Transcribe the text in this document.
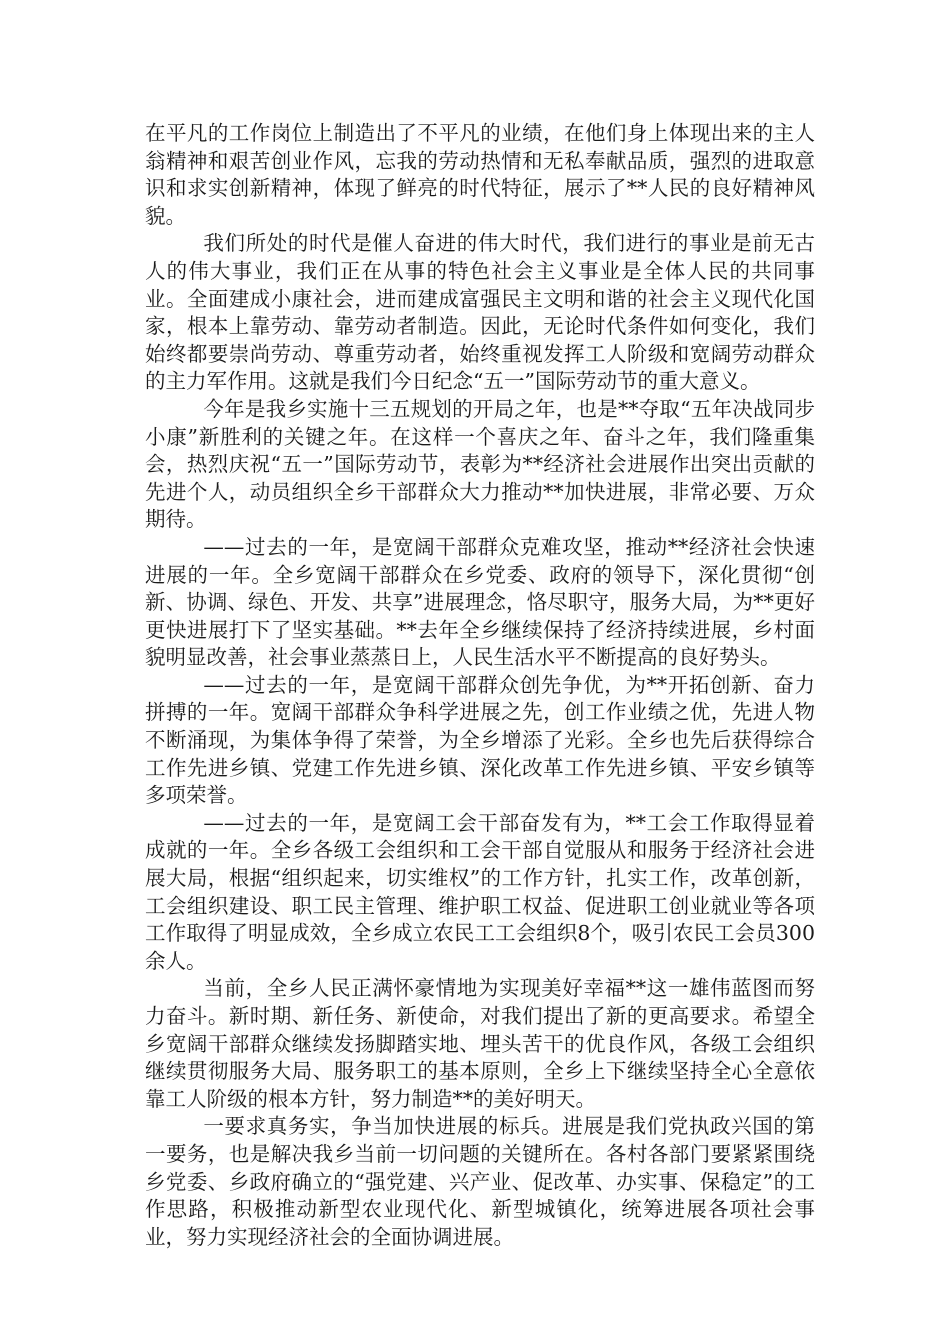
在平凡的工作岗位上制造出了不平凡的业绩，在他们身上体现出来的主人翁精神和艰苦创业作风，忘我的劳动热情和无私奉献品质，强烈的进取意识和求实创新精神，体现了鲜亮的时代特征，展示了**人民的良好精神风貌。

我们所处的时代是催人奋进的伟大时代，我们进行的事业是前无古人的伟大事业，我们正在从事的特色社会主义事业是全体人民的共同事业。全面建成小康社会，进而建成富强民主文明和谐的社会主义现代化国家，根本上靠劳动、靠劳动者制造。因此，无论时代条件如何变化，我们始终都要崇尚劳动、尊重劳动者，始终重视发挥工人阶级和宽阔劳动群众的主力军作用。这就是我们今日纪念“五一”国际劳动节的重大意义。

今年是我乡实施十三五规划的开局之年，也是**夺取“五年决战同步小康”新胜利的关键之年。在这样一个喜庆之年、奋斗之年，我们隆重集会，热烈庆祝“五一”国际劳动节，表彰为**经济社会进展作出突出贡献的先进个人，动员组织全乡干部群众大力推动**加快进展，非常必要、万众期待。

——过去的一年，是宽阔干部群众克难攻坚，推动**经济社会快速进展的一年。全乡宽阔干部群众在乡党委、政府的领导下，深化贯彻“创新、协调、绿色、开发、共享”进展理念，恪尽职守，服务大局，为**更好更快进展打下了坚实基础。**去年全乡继续保持了经济持续进展，乡村面貌明显改善，社会事业蒸蒸日上，人民生活水平不断提高的良好势头。

——过去的一年，是宽阔干部群众创先争优，为**开拓创新、奋力拼搏的一年。宽阔干部群众争科学进展之先，创工作业绩之优，先进人物不断涌现，为集体争得了荣誉，为全乡增添了光彩。全乡也先后获得综合工作先进乡镇、党建工作先进乡镇、深化改革工作先进乡镇、平安乡镇等多项荣誉。

——过去的一年，是宽阔工会干部奋发有为，**工会工作取得显着成就的一年。全乡各级工会组织和工会干部自觉服从和服务于经济社会进展大局，根据“组织起来，切实维权”的工作方针，扎实工作，改革创新，工会组织建设、职工民主管理、维护职工权益、促进职工创业就业等各项工作取得了明显成效，全乡成立农民工工会组织8个，吸引农民工会员300余人。

当前，全乡人民正满怀豪情地为实现美好幸福**这一雄伟蓝图而努力奋斗。新时期、新任务、新使命，对我们提出了新的更高要求。希望全乡宽阔干部群众继续发扬脚踏实地、埋头苦干的优良作风，各级工会组织继续贯彻服务大局、服务职工的基本原则，全乡上下继续坚持全心全意依靠工人阶级的根本方针，努力制造**的美好明天。

一要求真务实，争当加快进展的标兵。进展是我们党执政兴国的第一要务，也是解决我乡当前一切问题的关键所在。各村各部门要紧紧围绕乡党委、乡政府确立的“强党建、兴产业、促改革、办实事、保稳定”的工作思路，积极推动新型农业现代化、新型城镇化，统筹进展各项社会事业，努力实现经济社会的全面协调进展。
